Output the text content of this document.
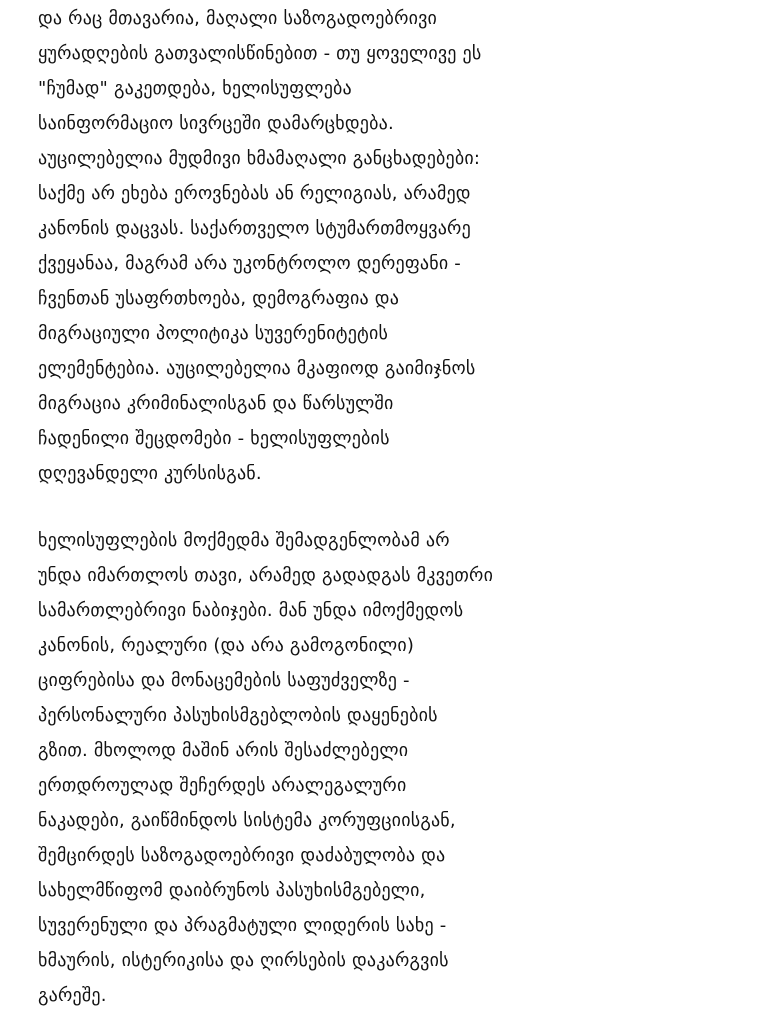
და რაც მთავარია, მაღალი საზოგადოებრივი
ყურადღების გათვალისწინებით - თუ ყოველივე ეს
"ჩუმად" გაკეთდება, ხელისუფლება
საინფორმაციო სივრცეში დამარცხდება.
აუცილებელია მუდმივი ხმამაღალი განცხადებები:
საქმე არ ეხება ეროვნებას ან რელიგიას, არამედ
კანონის დაცვას. საქართველო სტუმართმოყვარე
ქვეყანაა, მაგრამ არა უკონტროლო დერეფანი -
ჩვენთან უსაფრთხოება, დემოგრაფია და
მიგრაციული პოლიტიკა სუვერენიტეტის
ელემენტებია. აუცილებელია მკაფიოდ გაიმიჯნოს
მიგრაცია კრიმინალისგან და წარსულში
ჩადენილი შეცდომები - ხელისუფლების
დღევანდელი კურსისგან.
ხელისუფლების მოქმედმა შემადგენლობამ არ
უნდა იმართლოს თავი, არამედ გადადგას მკვეთრი
სამართლებრივი ნაბიჯები. მან უნდა იმოქმედოს
კანონის, რეალური (და არა გამოგონილი)
ციფრებისა და მონაცემების საფუძველზე -
პერსონალური პასუხისმგებლობის დაყენების
გზით. მხოლოდ მაშინ არის შესაძლებელი
ერთდროულად შეჩერდეს არალეგალური
ნაკადები, გაიწმინდოს სისტემა კორუფციისგან,
შემცირდეს საზოგადოებრივი დაძაბულობა და
სახელმწიფომ დაიბრუნოს პასუხისმგებელი,
სუვერენული და პრაგმატული ლიდერის სახე -
ხმაურის, ისტერიკისა და ღირსების დაკარგვის
გარეშე.
